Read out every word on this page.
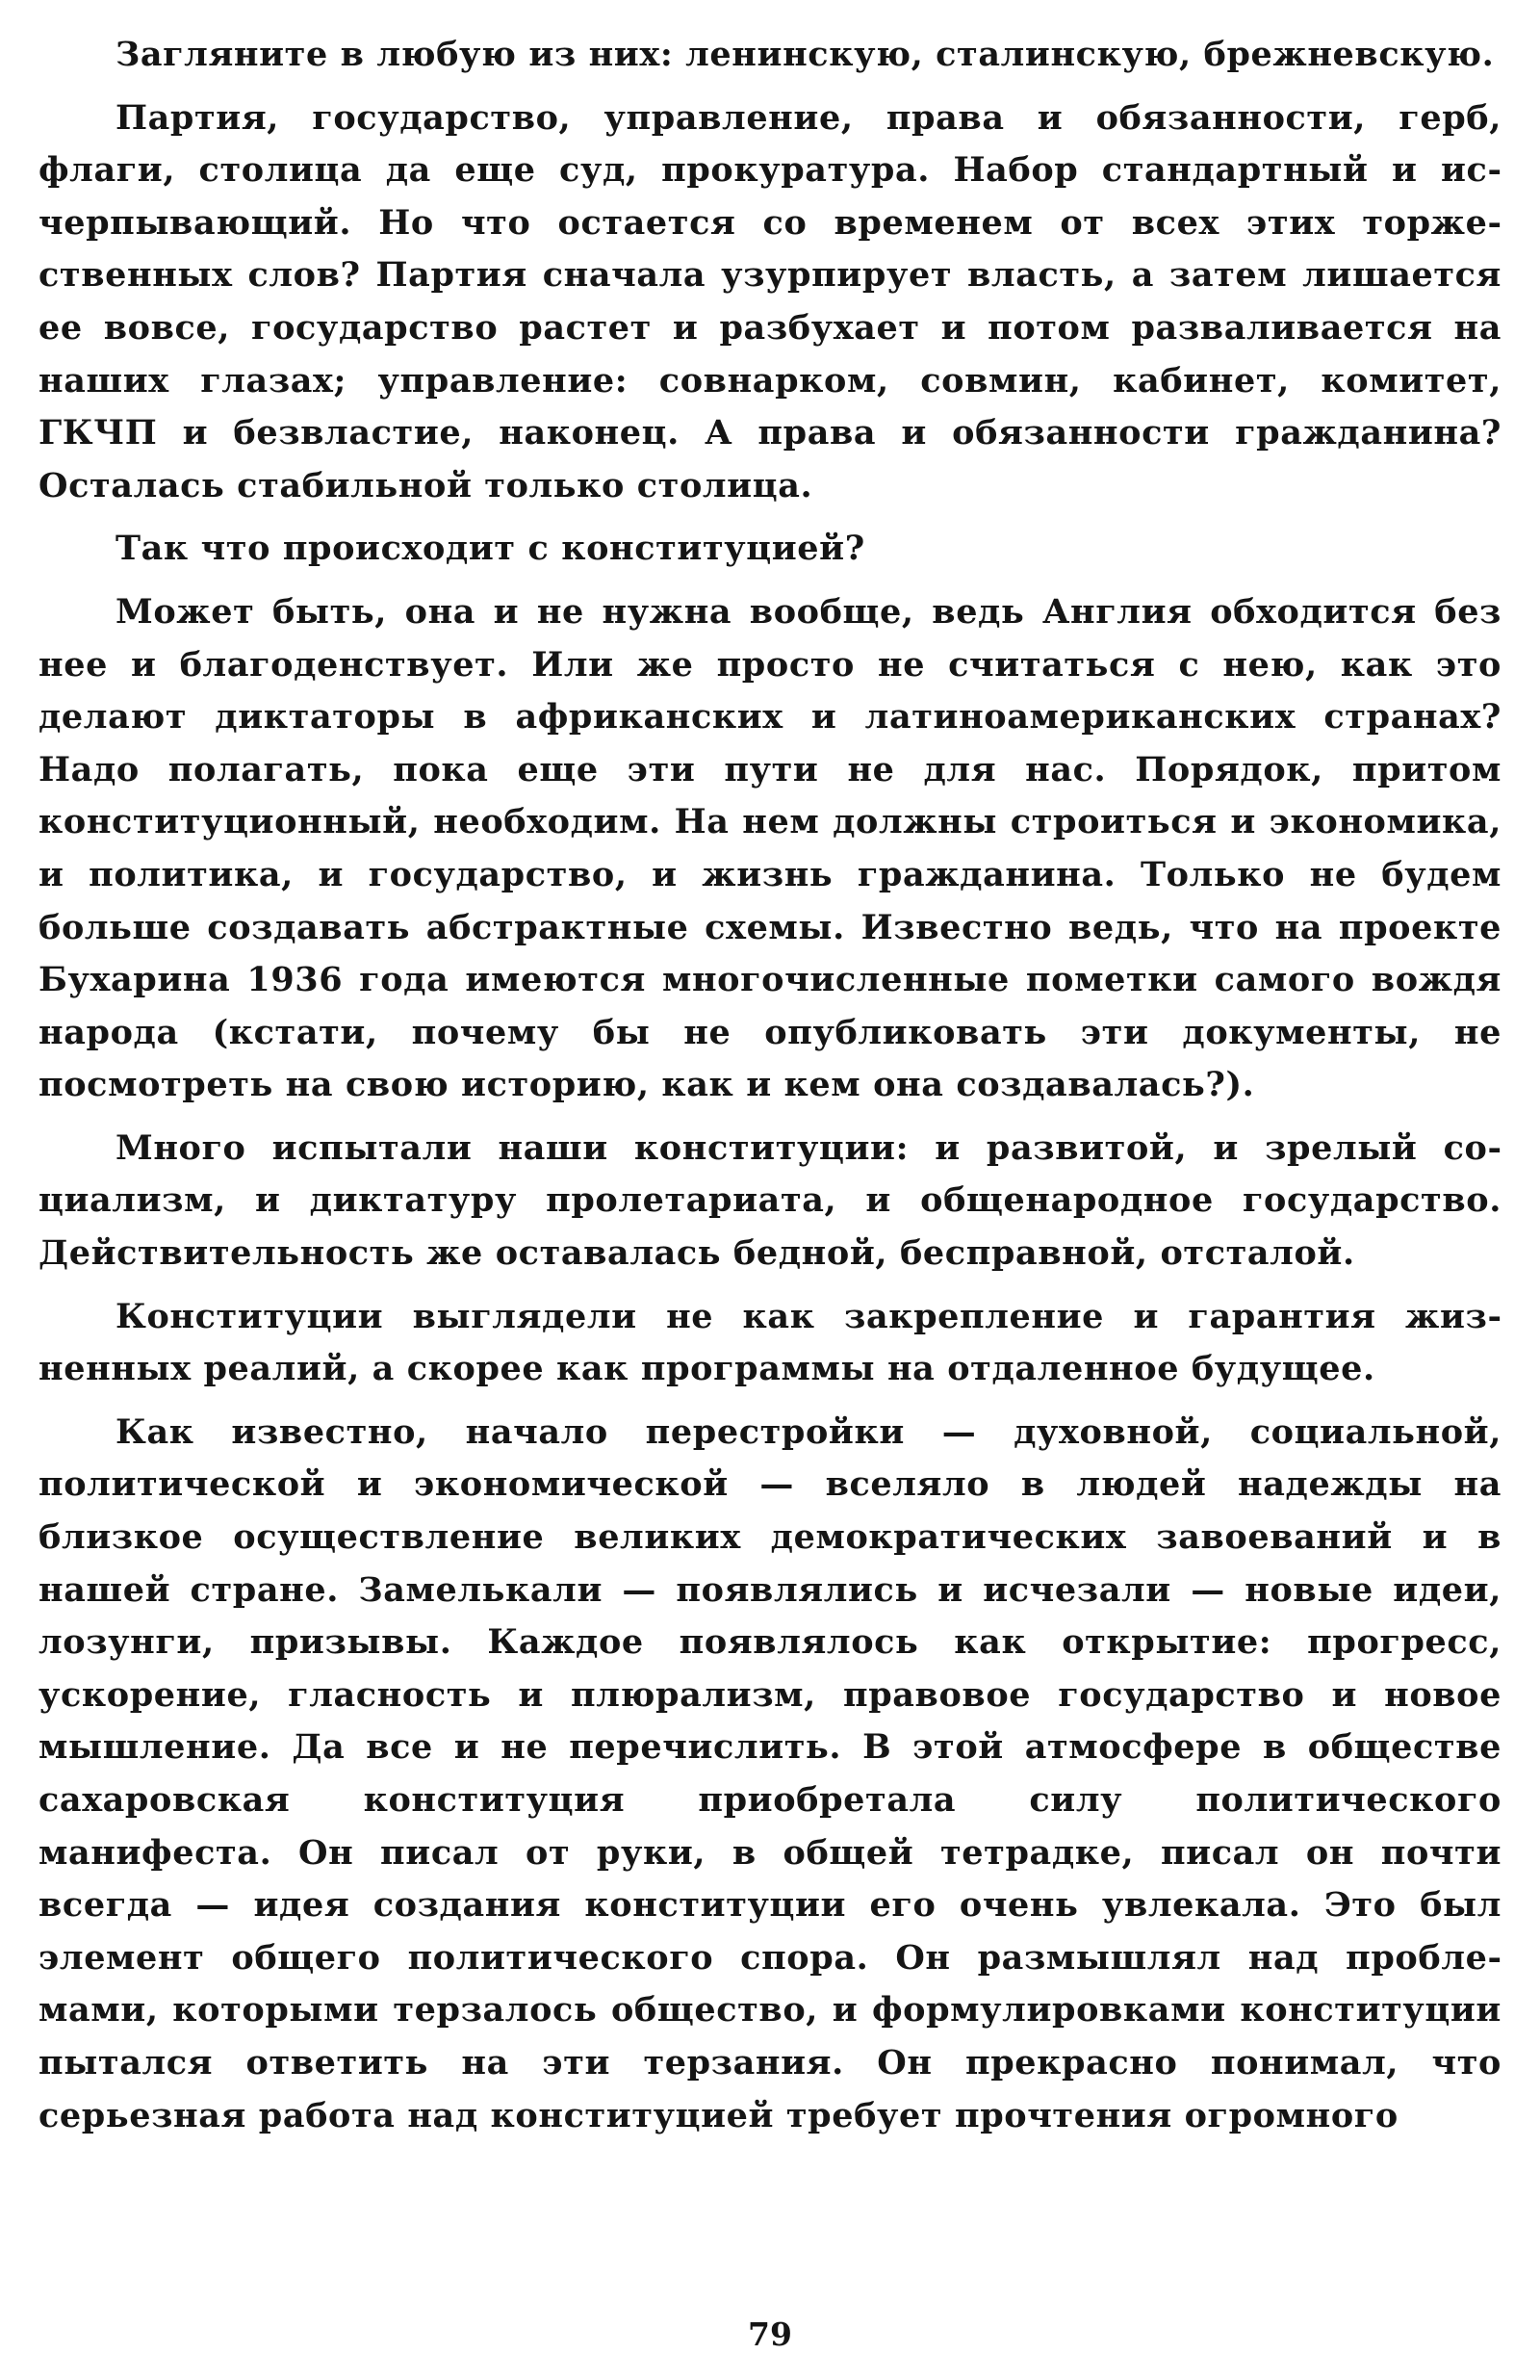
Загляните в любую из них: ленинскую, сталинскую, брежневскую.

Партия, государство, управление, права и обязанности, герб, флаги, столица да еще суд, прокуратура. Набор стандартный и исчерпывающий. Но что остается со временем от всех этих торжественных слов? Партия сначала узурпирует власть, а затем лишается ее вовсе, государство растет и разбухает и потом разваливается на наших глазах; управление: совнарком, совмин, кабинет, комитет, ГКЧП и безвластие, наконец. А права и обязанности гражданина? Осталась стабильной только столица.

Так что происходит с конституцией?

Может быть, она и не нужна вообще, ведь Англия обходится без нее и благоденствует. Или же просто не считаться с нею, как это делают диктаторы в африканских и латиноамериканских странах? Надо полагать, пока еще эти пути не для нас. Порядок, притом конституционный, необходим. На нем должны строиться и экономика, и политика, и государство, и жизнь гражданина. Только не будем больше создавать абстрактные схемы. Известно ведь, что на проекте Бухарина 1936 года имеются многочисленные пометки самого вождя народа (кстати, почему бы не опубликовать эти документы, не посмотреть на свою историю, как и кем она создавалась?).

Много испытали наши конституции: и развитой, и зрелый социализм, и диктатуру пролетариата, и общенародное государство. Действительность же оставалась бедной, бесправной, отсталой.

Конституции выглядели не как закрепление и гарантия жизненных реалий, а скорее как программы на отдаленное будущее.

Как известно, начало перестройки — духовной, социальной, политической и экономической — вселяло в людей надежды на близкое осуществление великих демократических завоеваний и в нашей стране. Замелькали — появлялись и исчезали — новые идеи, лозунги, призывы. Каждое появлялось как открытие: прогресс, ускорение, гласность и плюрализм, правовое государство и новое мышление. Да все и не перечислить. В этой атмосфере в обществе сахаровская конституция приобретала силу политического манифеста. Он писал от руки, в общей тетрадке, писал он почти всегда — идея создания конституции его очень увлекала. Это был элемент общего политического спора. Он размышлял над проблемами, которыми терзалось общество, и формулировками конституции пытался ответить на эти терзания. Он прекрасно понимал, что серьезная работа над конституцией требует прочтения огромного

79
